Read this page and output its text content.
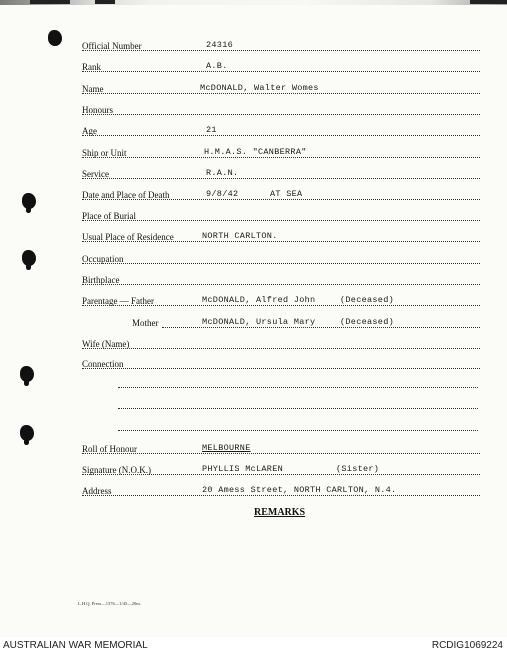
Official Number	24316
Rank	A.B.
Name	McDONALD, Walter Womes
Honours
Age	21
Ship or Unit	H.M.A.S. "CANBERRA"
Service	R.A.N.
Date and Place of Death	9/8/42	AT SEA
Place of Burial
Usual Place of Residence	NORTH CARLTON.
Occupation
Birthplace
Parentage — Father	McDONALD, Alfred John	(Deceased)
Mother	McDONALD, Ursula Mary	(Deceased)
Wife (Name)
Connection
Roll of Honour	MELBOURNE
Signature (N.O.K.)	PHYLLIS McLAREN	(Sister)
Address	20 Amess Street, NORTH CARLTON, N.4.
REMARKS
L.H.Q. Press—1376—1/45—20m.
AUSTRALIAN WAR MEMORIAL	RCDIG1069224
